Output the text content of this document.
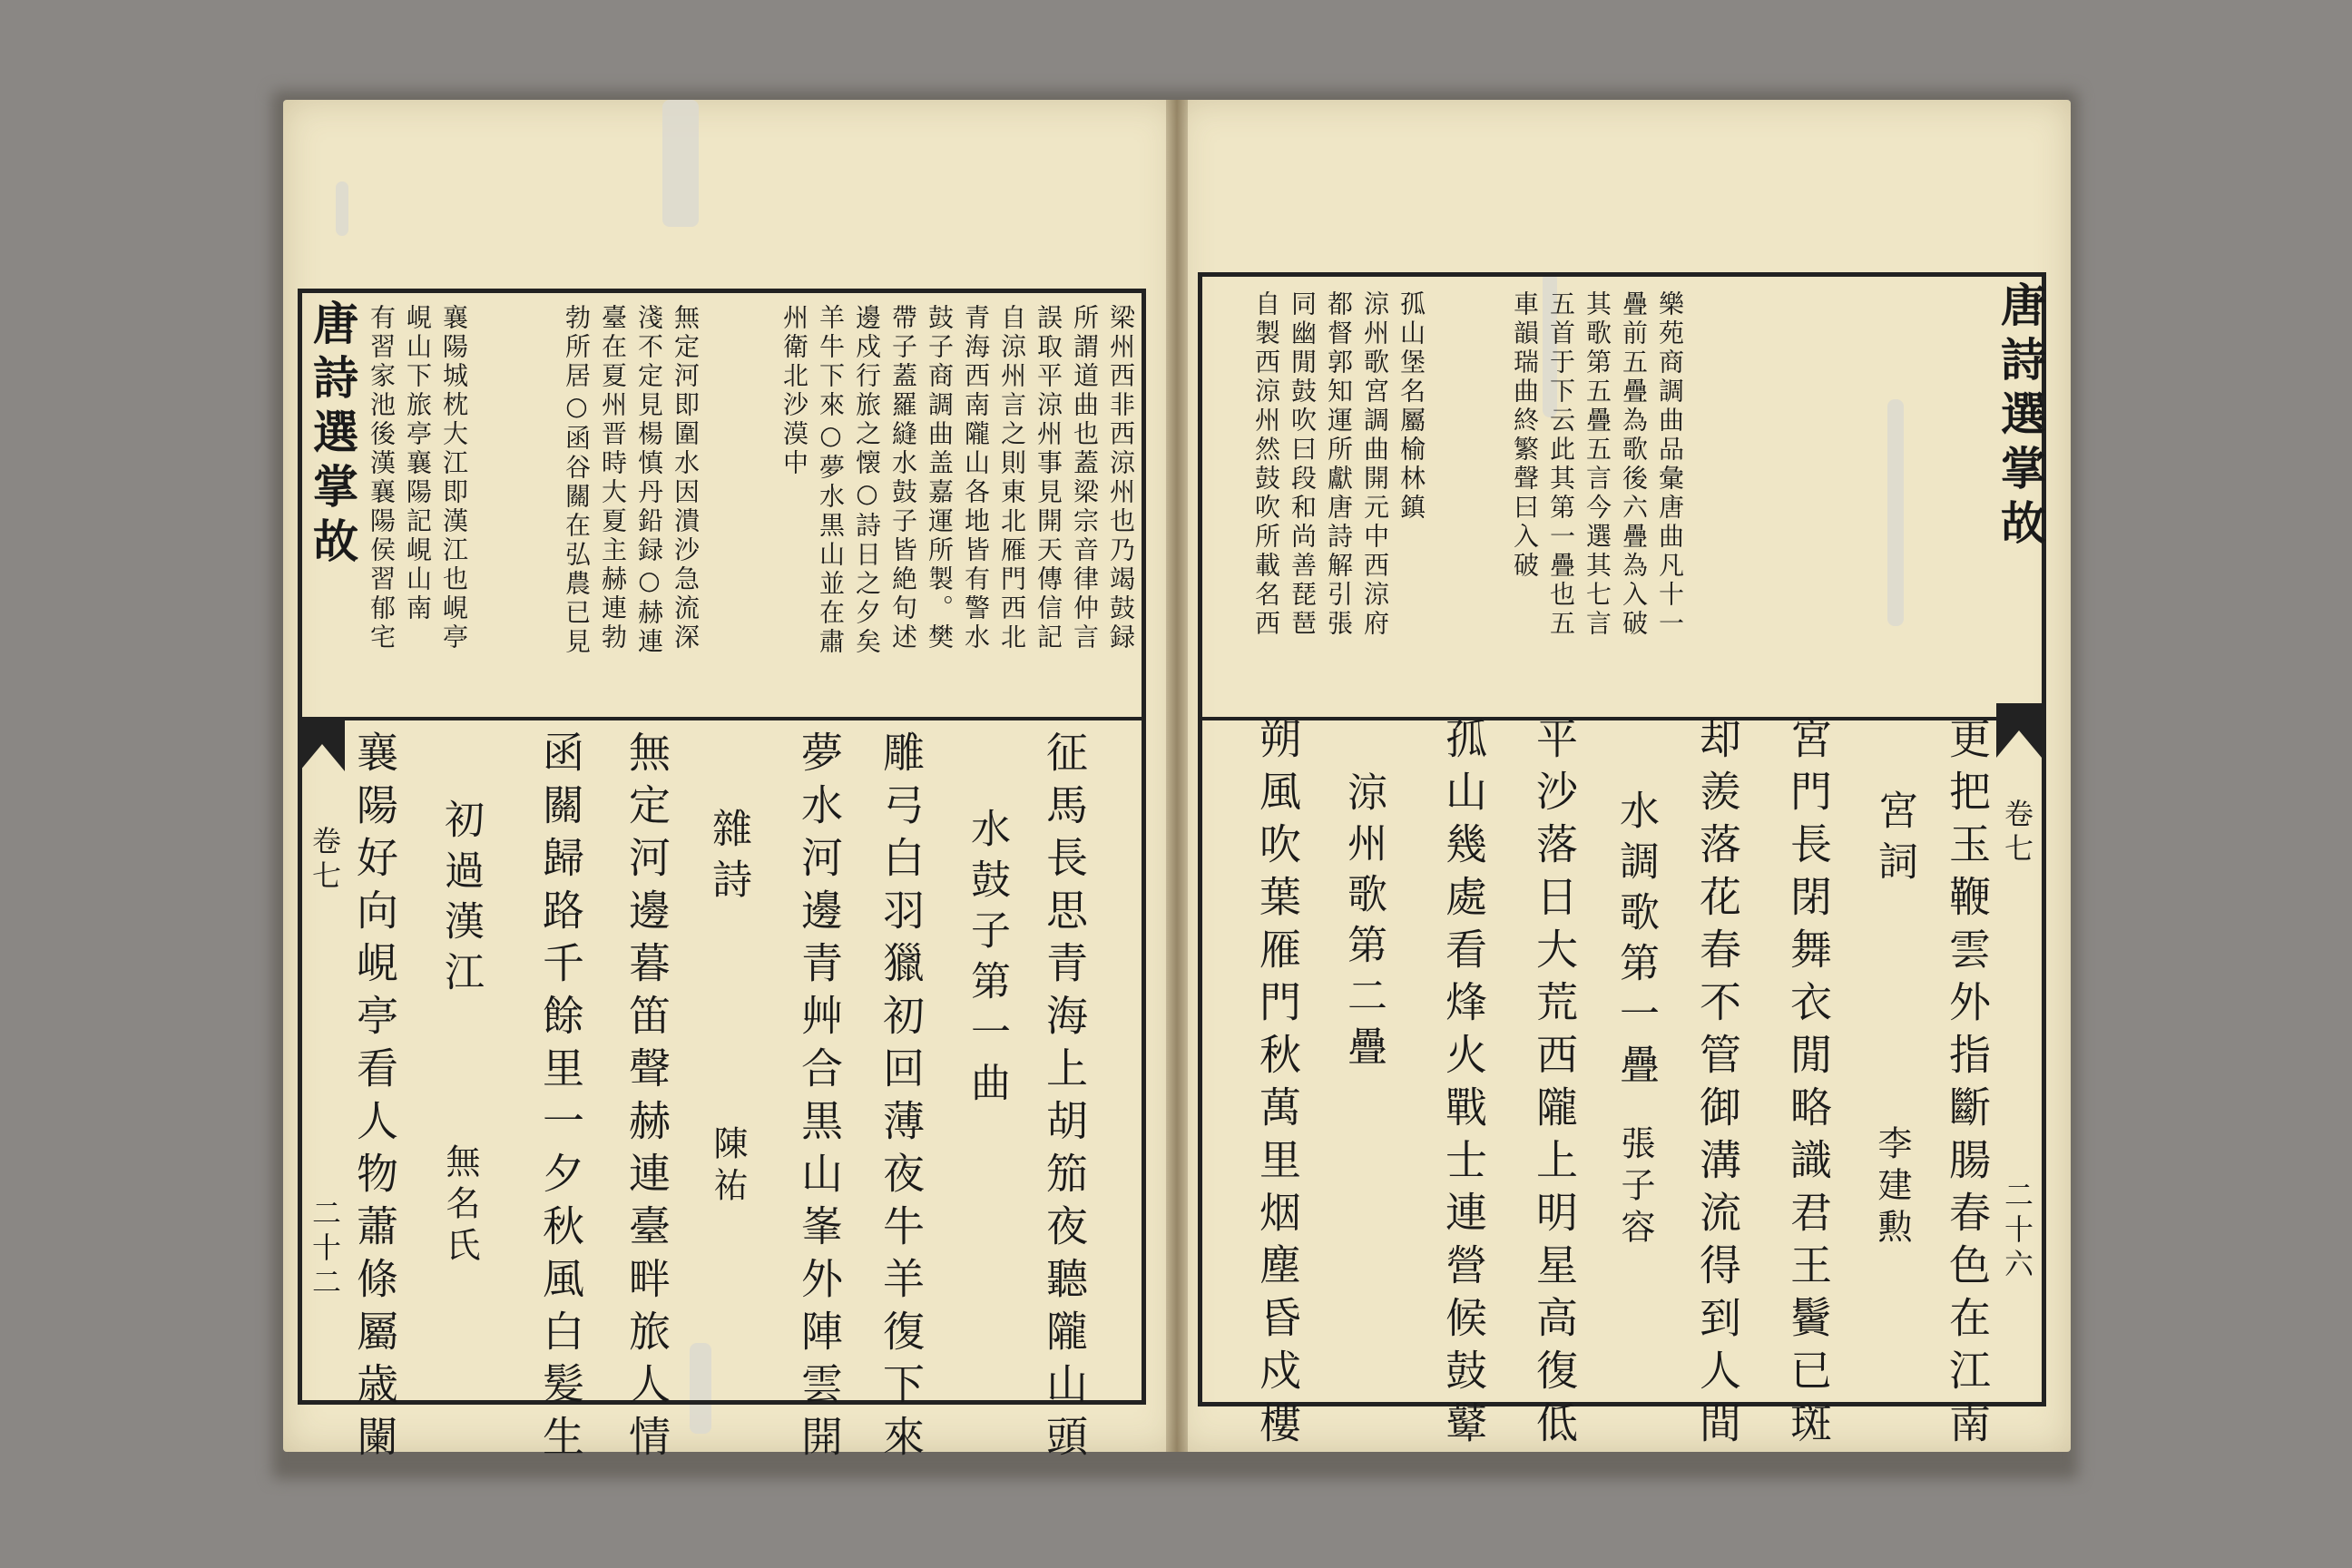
唐詩選掌故
卷七
二十二
唐詩選掌故
卷七
二十六
梁州西非西涼州也乃竭鼓録
所謂道曲也蓋梁宗音律仲言
誤取平涼州事見開天傳信記
自涼州言之則東北雁門西北
青海西南隴山各地皆有警水
鼓子商調曲盖嘉運所製。樊
帶子蓋羅縫水鼓子皆絶句述
邊戍行旅之懐○詩日之夕矣
羊牛下來○夢水黒山並在肅
州衛北沙漠中
無定河即圍水因潰沙急流深
淺不定見楊慎丹鉛録○赫連
臺在夏州晋時大夏主赫連勃
勃所居○函谷關在弘農已見
襄陽城枕大江即漢江也峴亭
峴山下旅亭襄陽記峴山南
有習家池後漢襄陽侯習郁宅
征馬長思青海上胡笳夜聽隴山頭
水鼓子第一曲
雕弓白羽獵初回薄夜牛羊復下來
夢水河邊青艸合黒山峯外陣雲開
雜詩
陳祐
無定河邊暮笛聲赫連臺畔旅人情
函關歸路千餘里一夕秋風白髪生
初過漢江
無名氏
襄陽好向峴亭看人物蕭條屬歳闌
樂苑商調曲品彙唐曲凡十一
疊前五疊為歌後六疊為入破
其歌第五疊五言今選其七言
五首于下云此其第一疊也五
車韻瑞曲終繁聲曰入破
孤山堡名屬榆林鎮
涼州歌宮調曲開元中西涼府
都督郭知運所獻唐詩解引張
同幽閒鼓吹曰段和尚善琵琶
自製西涼州然鼓吹所載名西
更把玉鞭雲外指斷腸春色在江南
宮詞
李建勲
宮門長閉舞衣閒略識君王鬢已斑
却羨落花春不管御溝流得到人間
水調歌第一疊
張子容
平沙落日大荒西隴上明星高復低
孤山幾處看烽火戰士連營候鼓鼙
涼州歌第二疊
朔風吹葉雁門秋萬里烟塵昏戍樓
